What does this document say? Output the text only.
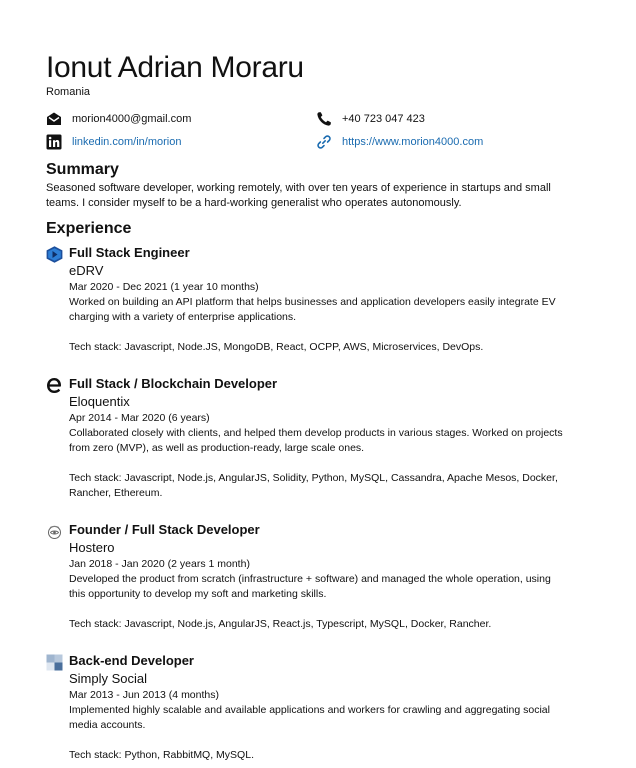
Ionut Adrian Moraru
Romania
morion4000@gmail.com	+40 723 047 423
linkedin.com/in/morion	https://www.morion4000.com
Summary
Seasoned software developer, working remotely, with over ten years of experience in startups and small teams. I consider myself to be a hard-working generalist who operates autonomously.
Experience
Full Stack Engineer
eDRV
Mar 2020 - Dec 2021 (1 year 10 months)
Worked on building an API platform that helps businesses and application developers easily integrate EV charging with a variety of enterprise applications.
Tech stack: Javascript, Node.JS, MongoDB, React, OCPP, AWS, Microservices, DevOps.
Full Stack / Blockchain Developer
Eloquentix
Apr 2014 - Mar 2020 (6 years)
Collaborated closely with clients, and helped them develop products in various stages. Worked on projects from zero (MVP), as well as production-ready, large scale ones.
Tech stack: Javascript, Node.js, AngularJS, Solidity, Python, MySQL, Cassandra, Apache Mesos, Docker, Rancher, Ethereum.
Founder / Full Stack Developer
Hostero
Jan 2018 - Jan 2020 (2 years 1 month)
Developed the product from scratch (infrastructure + software) and managed the whole operation, using this opportunity to develop my soft and marketing skills.
Tech stack: Javascript, Node.js, AngularJS, React.js, Typescript, MySQL, Docker, Rancher.
Back-end Developer
Simply Social
Mar 2013 - Jun 2013 (4 months)
Implemented highly scalable and available applications and workers for crawling and aggregating social media accounts.
Tech stack: Python, RabbitMQ, MySQL.
